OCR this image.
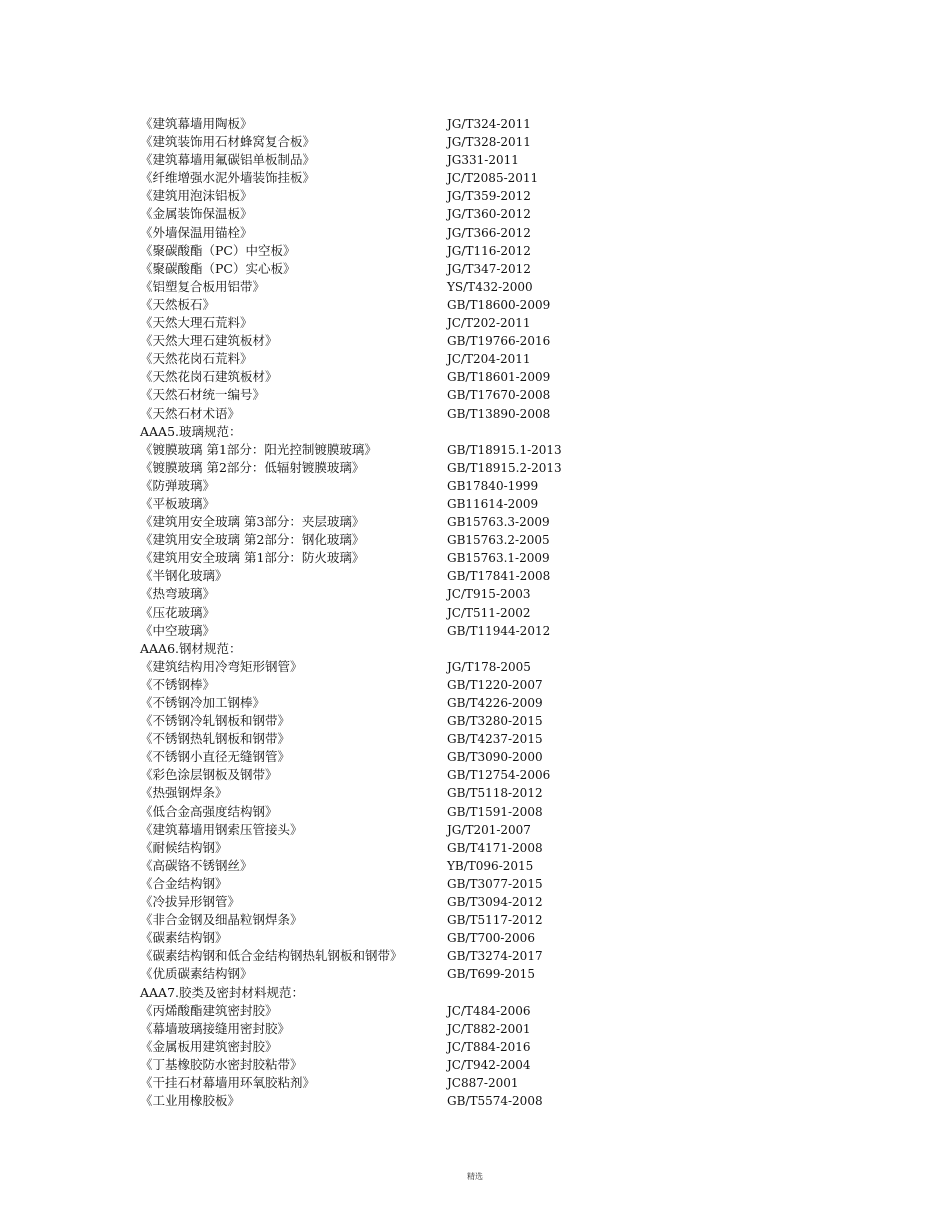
《建筑幕墙用陶板》	JG/T324-2011
《建筑装饰用石材蜂窝复合板》	JG/T328-2011
《建筑幕墙用氟碳铝单板制品》	JG331-2011
《纤维增强水泥外墙装饰挂板》	JC/T2085-2011
《建筑用泡沫铝板》	JG/T359-2012
《金属装饰保温板》	JG/T360-2012
《外墙保温用锚栓》	JG/T366-2012
《聚碳酸酯（PC）中空板》	JG/T116-2012
《聚碳酸酯（PC）实心板》	JG/T347-2012
《铝塑复合板用铝带》	YS/T432-2000
《天然板石》	GB/T18600-2009
《天然大理石荒料》	JC/T202-2011
《天然大理石建筑板材》	GB/T19766-2016
《天然花岗石荒料》	JC/T204-2011
《天然花岗石建筑板材》	GB/T18601-2009
《天然石材统一编号》	GB/T17670-2008
《天然石材术语》	GB/T13890-2008
AAA5.玻璃规范：
《镀膜玻璃 第1部分：阳光控制镀膜玻璃》	GB/T18915.1-2013
《镀膜玻璃 第2部分：低辐射镀膜玻璃》	GB/T18915.2-2013
《防弹玻璃》	GB17840-1999
《平板玻璃》	GB11614-2009
《建筑用安全玻璃 第3部分：夹层玻璃》	GB15763.3-2009
《建筑用安全玻璃 第2部分：钢化玻璃》	GB15763.2-2005
《建筑用安全玻璃 第1部分：防火玻璃》	GB15763.1-2009
《半钢化玻璃》	GB/T17841-2008
《热弯玻璃》	JC/T915-2003
《压花玻璃》	JC/T511-2002
《中空玻璃》	GB/T11944-2012
AAA6.钢材规范：
《建筑结构用冷弯矩形钢管》	JG/T178-2005
《不锈钢棒》	GB/T1220-2007
《不锈钢冷加工钢棒》	GB/T4226-2009
《不锈钢冷轧钢板和钢带》	GB/T3280-2015
《不锈钢热轧钢板和钢带》	GB/T4237-2015
《不锈钢小直径无缝钢管》	GB/T3090-2000
《彩色涂层钢板及钢带》	GB/T12754-2006
《热强钢焊条》	GB/T5118-2012
《低合金高强度结构钢》	GB/T1591-2008
《建筑幕墙用钢索压管接头》	JG/T201-2007
《耐候结构钢》	GB/T4171-2008
《高碳铬不锈钢丝》	YB/T096-2015
《合金结构钢》	GB/T3077-2015
《冷拔异形钢管》	GB/T3094-2012
《非合金钢及细晶粒钢焊条》	GB/T5117-2012
《碳素结构钢》	GB/T700-2006
《碳素结构钢和低合金结构钢热轧钢板和钢带》	GB/T3274-2017
《优质碳素结构钢》	GB/T699-2015
AAA7.胶类及密封材料规范：
《丙烯酸酯建筑密封胶》	JC/T484-2006
《幕墙玻璃接缝用密封胶》	JC/T882-2001
《金属板用建筑密封胶》	JC/T884-2016
《丁基橡胶防水密封胶粘带》	JC/T942-2004
《干挂石材幕墙用环氧胶粘剂》	JC887-2001
《工业用橡胶板》	GB/T5574-2008
精选
